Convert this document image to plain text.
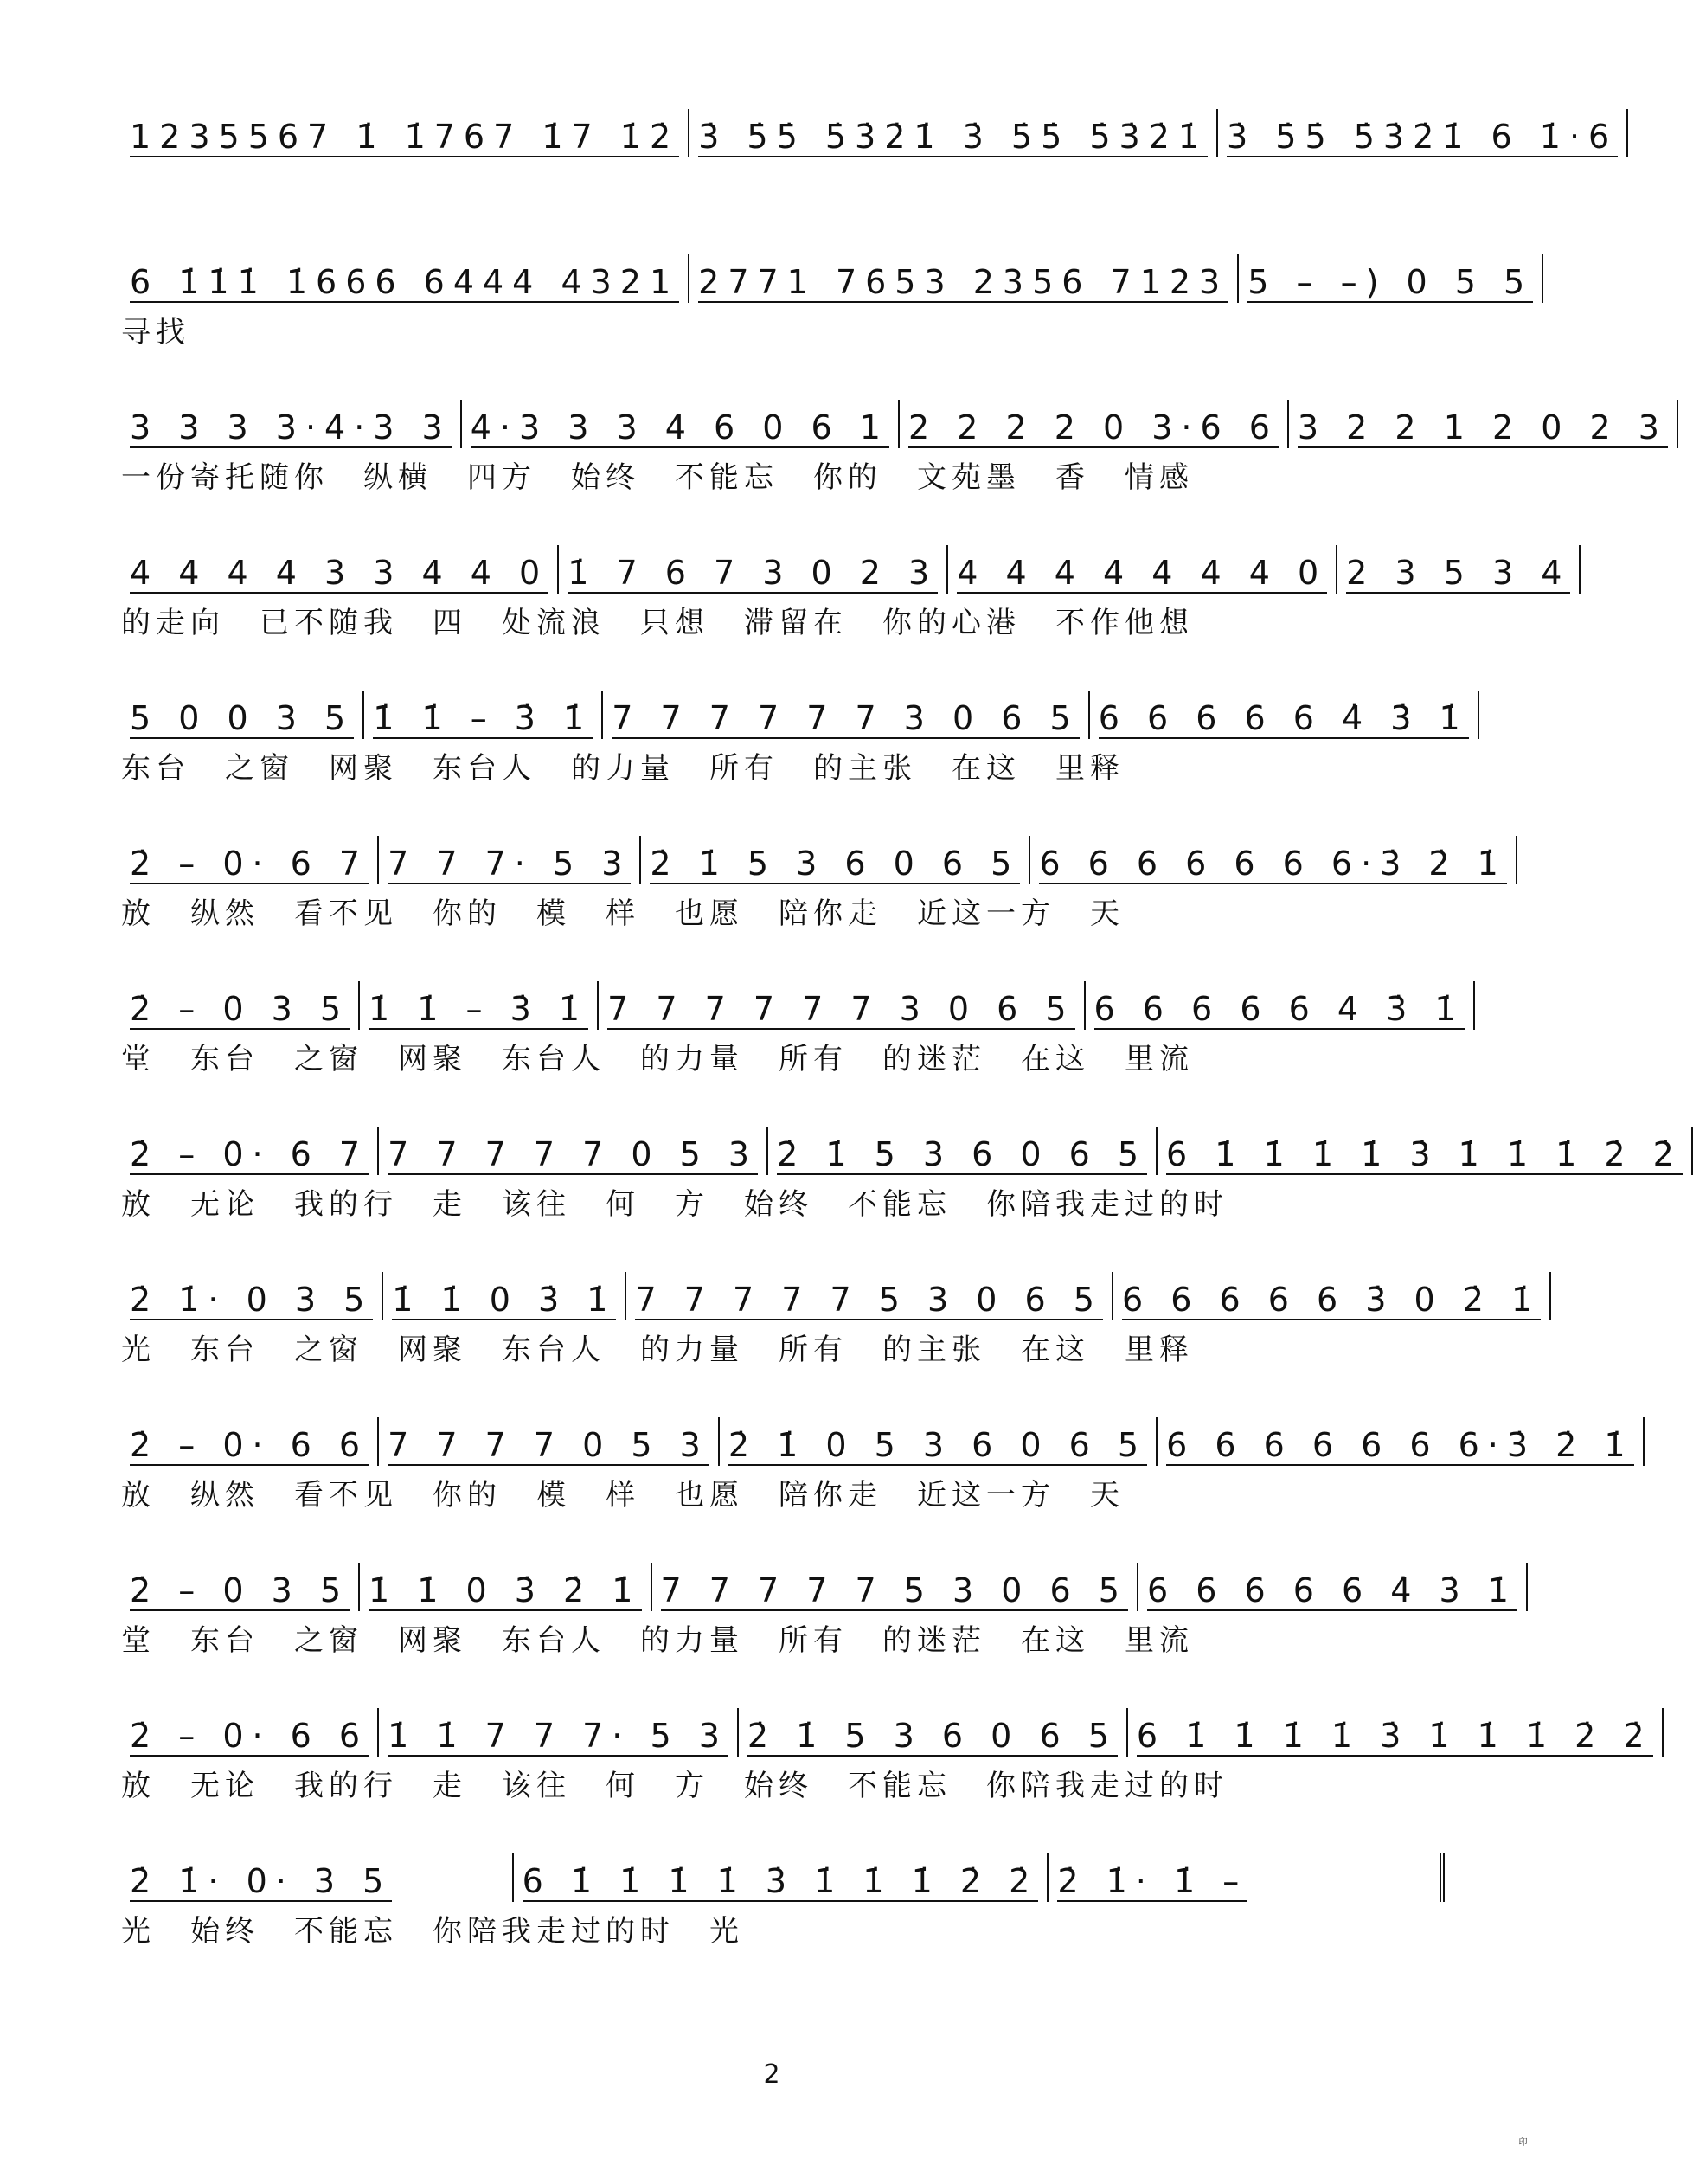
1235567 1̇ 1̇767 1̇7 1̇2̇ 3̇ 5̇5̇ 5̇3̇2̇1̇ 3̇ 5̇5̇ 5̇3̇2̇1̇ 3̇ 5̇5̇ 5̇3̇2̇1̇ 6 1̇·6
6 1̇1̇1̇ 1̇666 6444 4321 2771 7653 2356 7123 5 – –) 0 5 5
寻找
3 3 3 3·4·3 3 4·3 3 3 4 6 0 6 1 2 2 2 2 0 3·6 6 3 2 2 1 2 0 2 3
一份寄托随你　纵横　四方　始终　不能忘　你的　文苑墨　香　情感
4 4 4 4 3 3 4 4 0 1̇ 7 6 7 3 0 2 3 4 4 4 4 4 4 4 0 2 3 5 3 4
的走向　已不随我　四　处流浪　只想　滞留在　你的心港　不作他想
5 0 0 3 5 1̇ 1̇ – 3̇ 1̇ 7 7 7 7 7 7 3 0 6 5 6 6 6 6 6 4̇ 3̇ 1̇
东台　之窗　网聚　东台人　的力量　所有　的主张　在这　里释
2̇ – 0· 6 7 7 7 7· 5 3 2̇ 1̇ 5 3 6 0 6 5 6 6 6 6 6 6 6·3̇ 2̇ 1̇
放　纵然　看不见　你的　模　样　也愿　陪你走　近这一方　天
2̇ – 0 3 5 1̇ 1̇ – 3̇ 1̇ 7 7 7 7 7 7 3 0 6 5 6 6 6 6 6 4 3̇ 1̇
堂　东台　之窗　网聚　东台人　的力量　所有　的迷茫　在这　里流
2̇ – 0· 6 7 7 7 7 7 7 0 5 3 2̇ 1̇ 5 3 6 0 6 5 6 1̇ 1̇ 1̇ 1̇ 3̇ 1̇ 1̇ 1̇ 2̇ 2̇
放　无论　我的行　走　该往　何　方　始终　不能忘　你陪我走过的时
2̇ 1̇· 0 3 5 1̇ 1̇ 0 3̇ 1̇ 7 7 7 7 7 5 3 0 6 5 6 6 6 6 6 3̇ 0 2̇ 1̇
光　东台　之窗　网聚　东台人　的力量　所有　的主张　在这　里释
2̇ – 0· 6 6 7 7 7 7 0 5 3 2̇ 1̇ 0 5 3 6 0 6 5 6 6 6 6 6 6 6·3̇ 2̇ 1̇
放　纵然　看不见　你的　模　样　也愿　陪你走　近这一方　天
2̇ – 0 3 5 1̇ 1̇ 0 3̇ 2̇ 1̇ 7 7 7 7 7 5 3 0 6 5 6 6 6 6 6 4̇ 3̇ 1̇
堂　东台　之窗　网聚　东台人　的力量　所有　的迷茫　在这　里流
2̇ – 0· 6 6 1̇ 1̇ 7 7 7· 5 3 2̇ 1̇ 5 3 6 0 6 5 6 1̇ 1̇ 1̇ 1̇ 3̇ 1̇ 1̇ 1̇ 2̇ 2̇
放　无论　我的行　走　该往　何　方　始终　不能忘　你陪我走过的时
2̇ 1̇· 0· 3 5	6 1̇ 1̇ 1̇ 1̇ 3̇ 1̇ 1̇ 1̇ 2̇ 2̇ 2̇ 1̇· 1̇ –
光　始终　不能忘　你陪我走过的时　光
2
印
